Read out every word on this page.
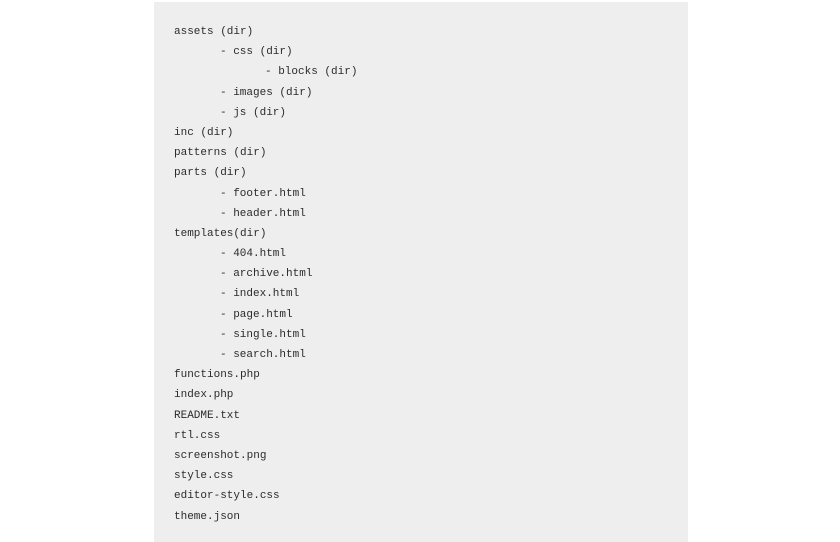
assets (dir)
- css (dir)
- blocks (dir)
- images (dir)
- js (dir)
inc (dir)
patterns (dir)
parts (dir)
- footer.html
- header.html
templates(dir)
- 404.html
- archive.html
- index.html
- page.html
- single.html
- search.html
functions.php
index.php
README.txt
rtl.css
screenshot.png
style.css
editor-style.css
theme.json
